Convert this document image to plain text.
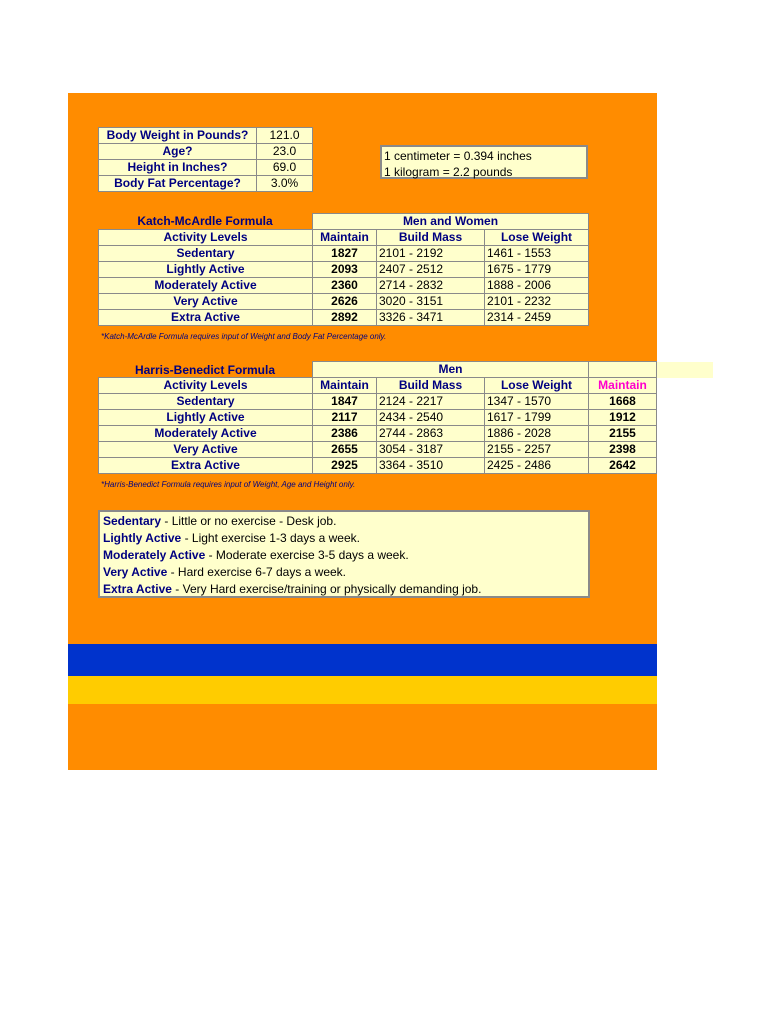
Body Weight in Pounds?	121.0
Age?	23.0
Height in Inches?	69.0
Body Fat Percentage?	3.0%
1 centimeter = 0.394 inches
1 kilogram = 2.2 pounds
Katch-McArdle Formula
		Men and Women		
Activity Levels	Maintain	Build Mass	Lose Weight
Sedentary	1827	2101 - 2192	1461 - 1553
Lightly Active	2093	2407 - 2512	1675 - 1779
Moderately Active	2360	2714 - 2832	1888 - 2006
Very Active	2626	3020 - 3151	2101 - 2232
Extra Active	2892	3326 - 3471	2314 - 2459
*Katch-McArdle Formula requires input of Weight and Body Fat Percentage only.
Harris-Benedict Formula
		Men			
Activity Levels	Maintain	Build Mass	Lose Weight	Maintain
Sedentary	1847	2124 - 2217	1347 - 1570	1668
Lightly Active	2117	2434 - 2540	1617 - 1799	1912
Moderately Active	2386	2744 - 2863	1886 - 2028	2155
Very Active	2655	3054 - 3187	2155 - 2257	2398
Extra Active	2925	3364 - 3510	2425 - 2486	2642
*Harris-Benedict Formula requires input of Weight, Age and Height only.
Sedentary - Little or no exercise - Desk job.
Lightly Active - Light exercise 1-3 days a week.
Moderately Active - Moderate exercise 3-5 days a week.
Very Active - Hard exercise 6-7 days a week.
Extra Active - Very Hard exercise/training or physically demanding job.
